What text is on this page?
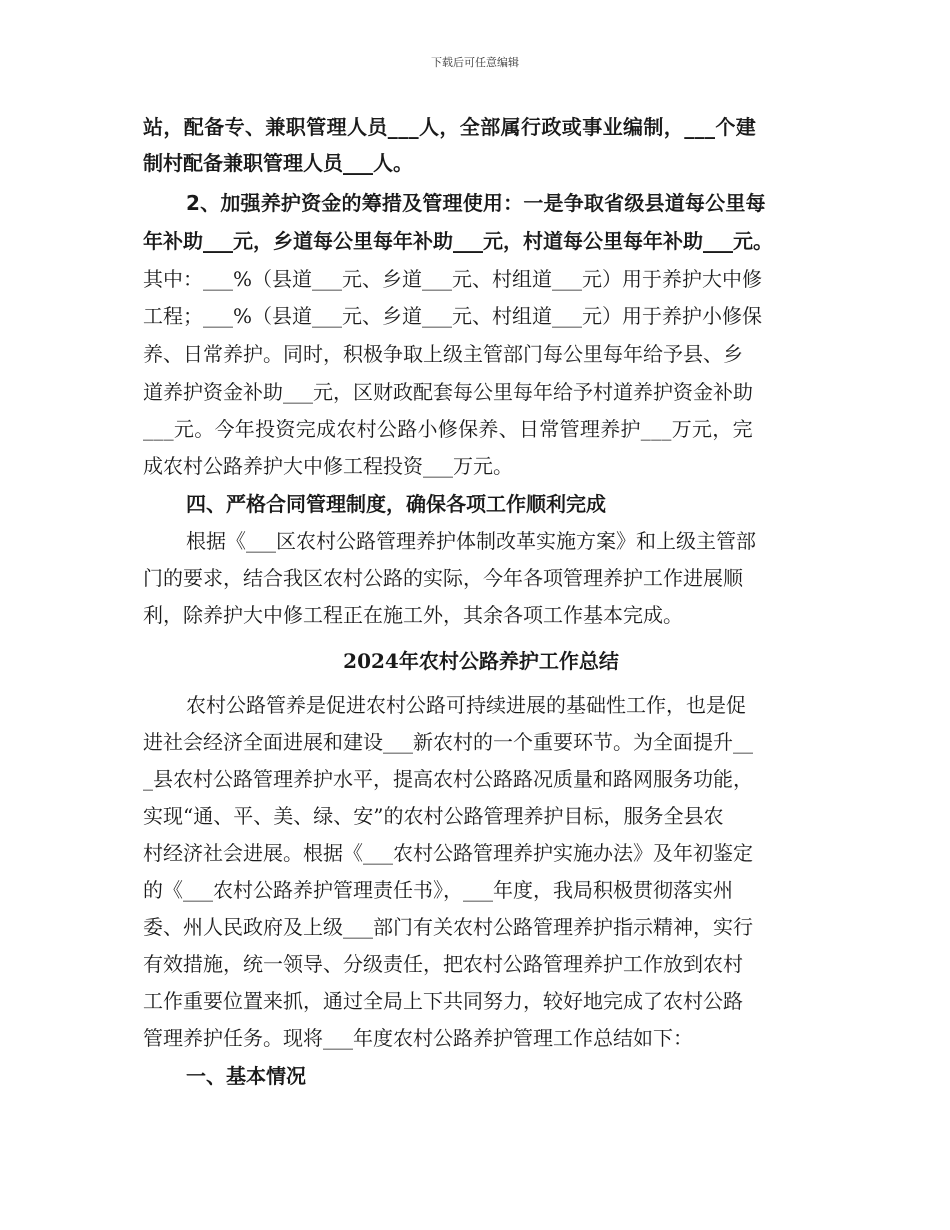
下载后可任意编辑
站，配备专、兼职管理人员___人，全部属行政或事业编制，___个建
制村配备兼职管理人员___人。
2、加强养护资金的筹措及管理使用：一是争取省级县道每公里每
年补助___元，乡道每公里每年补助___元，村道每公里每年补助___元。
其中：___%（县道___元、乡道___元、村组道___元）用于养护大中修
工程；___%（县道___元、乡道___元、村组道___元）用于养护小修保
养、日常养护。同时，积极争取上级主管部门每公里每年给予县、乡
道养护资金补助___元，区财政配套每公里每年给予村道养护资金补助
___元。今年投资完成农村公路小修保养、日常管理养护___万元，完
成农村公路养护大中修工程投资___万元。
四、严格合同管理制度，确保各项工作顺利完成
根据《___区农村公路管理养护体制改革实施方案》和上级主管部
门的要求，结合我区农村公路的实际，今年各项管理养护工作进展顺
利，除养护大中修工程正在施工外，其余各项工作基本完成。
2024年农村公路养护工作总结
农村公路管养是促进农村公路可持续进展的基础性工作，也是促
进社会经济全面进展和建设___新农村的一个重要环节。为全面提升__
_县农村公路管理养护水平，提高农村公路路况质量和路网服务功能，
实现“通、平、美、绿、安”的农村公路管理养护目标，服务全县农
村经济社会进展。根据《___农村公路管理养护实施办法》及年初鉴定
的《___农村公路养护管理责任书》，___年度，我局积极贯彻落实州
委、州人民政府及上级___部门有关农村公路管理养护指示精神，实行
有效措施，统一领导、分级责任，把农村公路管理养护工作放到农村
工作重要位置来抓，通过全局上下共同努力，较好地完成了农村公路
管理养护任务。现将___年度农村公路养护管理工作总结如下：
一、基本情况
